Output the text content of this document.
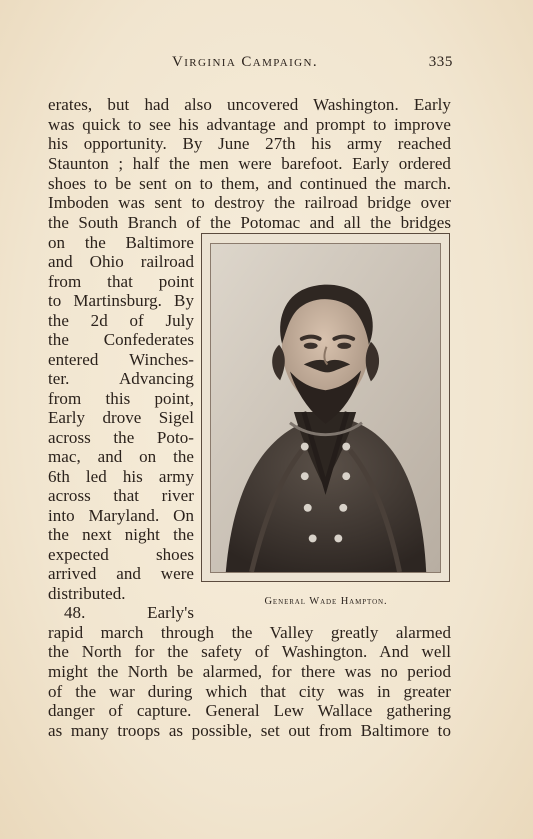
Virginia Campaign.	335
erates, but had also uncovered Washington. Early
was quick to see his advantage and prompt to improve
his opportunity. By June 27th his army reached
Staunton ; half the men were barefoot. Early ordered
shoes to be sent on to them, and continued the march.
Imboden was sent to destroy the railroad bridge over
the South Branch of the Potomac and all the bridges
on the Baltimore
and Ohio railroad
from that point
to Martinsburg. By
the 2d of July
the Confederates
entered Winches-
ter. Advancing
from this point,
Early drove Sigel
across the Poto-
mac, and on the
6th led his army
across that river
into Maryland. On
the next night the
expected shoes
arrived and were
distributed.
48. Early's
rapid march through the Valley greatly alarmed
the North for the safety of Washington. And well
might the North be alarmed, for there was no period
of the war during which that city was in greater
danger of capture. General Lew Wallace gathering
as many troops as possible, set out from Baltimore to
General Wade Hampton.
